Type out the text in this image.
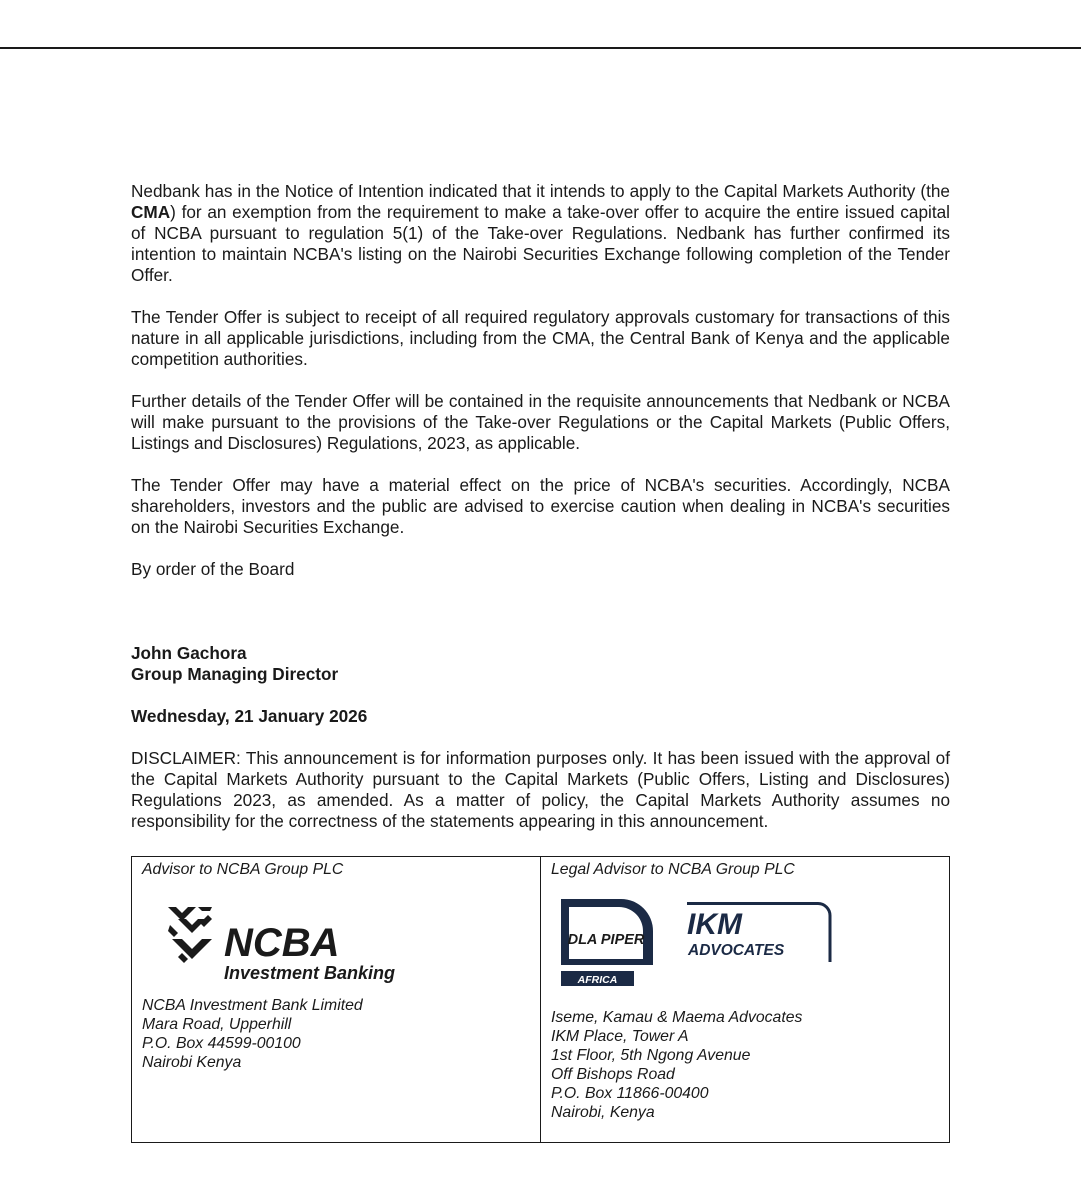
Nedbank has in the Notice of Intention indicated that it intends to apply to the Capital Markets Authority (the CMA) for an exemption from the requirement to make a take-over offer to acquire the entire issued capital of NCBA pursuant to regulation 5(1) of the Take-over Regulations. Nedbank has further confirmed its intention to maintain NCBA's listing on the Nairobi Securities Exchange following completion of the Tender Offer.

The Tender Offer is subject to receipt of all required regulatory approvals customary for transactions of this nature in all applicable jurisdictions, including from the CMA, the Central Bank of Kenya and the applicable competition authorities.

Further details of the Tender Offer will be contained in the requisite announcements that Nedbank or NCBA will make pursuant to the provisions of the Take-over Regulations or the Capital Markets (Public Offers, Listings and Disclosures) Regulations, 2023, as applicable.

The Tender Offer may have a material effect on the price of NCBA's securities. Accordingly, NCBA shareholders, investors and the public are advised to exercise caution when dealing in NCBA's securities on the Nairobi Securities Exchange.

By order of the Board

John Gachora

Group Managing Director

Wednesday, 21 January 2026

DISCLAIMER: This announcement is for information purposes only. It has been issued with the approval of the Capital Markets Authority pursuant to the Capital Markets (Public Offers, Listing and Disclosures) Regulations 2023, as amended. As a matter of policy, the Capital Markets Authority assumes no responsibility for the correctness of the statements appearing in this announcement.

Advisor to NCBA Group PLC
NCBA
Investment Banking
NCBA Investment Bank Limited
Mara Road, Upperhill
P.O. Box 44599-00100
Nairobi Kenya
Legal Advisor to NCBA Group PLC
DLA PIPER
AFRICA
IKM
ADVOCATES
Iseme, Kamau & Maema Advocates
IKM Place, Tower A
1st Floor, 5th Ngong Avenue
Off Bishops Road
P.O. Box 11866-00400
Nairobi, Kenya
